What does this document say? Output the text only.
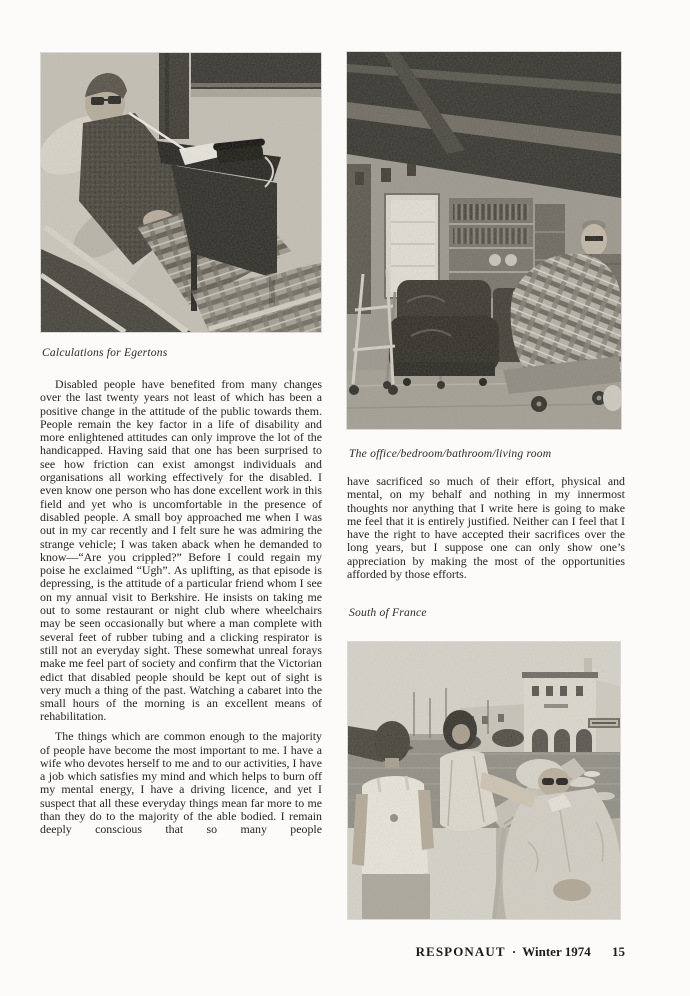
Calculations for Egertons
The office/bedroom/bathroom/living room

Disabled people have benefited from many changes over the last twenty years not least of which has been a positive change in the attitude of the public towards them. People remain the key factor in a life of disability and more enlightened attitudes can only improve the lot of the handicapped. Having said that one has been surprised to see how friction can exist amongst individuals and organisations all working effectively for the disabled. I even know one person who has done excellent work in this field and yet who is uncomfortable in the presence of disabled people. A small boy approached me when I was out in my car recently and I felt sure he was admiring the strange vehicle; I was taken aback when he demanded to know—“Are you crippled?” Before I could regain my poise he exclaimed “Ugh”. As uplifting, as that episode is depressing, is the attitude of a particular friend whom I see on my annual visit to Berkshire. He insists on taking me out to some restaurant or night club where wheelchairs may be seen occasionally but where a man complete with several feet of rubber tubing and a clicking respirator is still not an everyday sight. These somewhat unreal forays make me feel part of society and confirm that the Victorian edict that disabled people should be kept out of sight is very much a thing of the past. Watching a cabaret into the small hours of the morning is an excellent means of rehabilitation.

The things which are common enough to the majority of people have become the most important to me. I have a wife who devotes herself to me and to our activities, I have a job which satisfies my mind and which helps to burn off my mental energy, I have a driving licence, and yet I suspect that all these everyday things mean far more to me than they do to the majority of the able bodied. I remain deeply conscious that so many people

have sacrificed so much of their effort, physical and mental, on my behalf and nothing in my innermost thoughts nor anything that I write here is going to make me feel that it is entirely justified. Neither can I feel that I have the right to have accepted their sacrifices over the long years, but I suppose one can only show one’s appreciation by making the most of the opportunities afforded by those efforts.

South of France
RESPONAUT · Winter 1974 15
